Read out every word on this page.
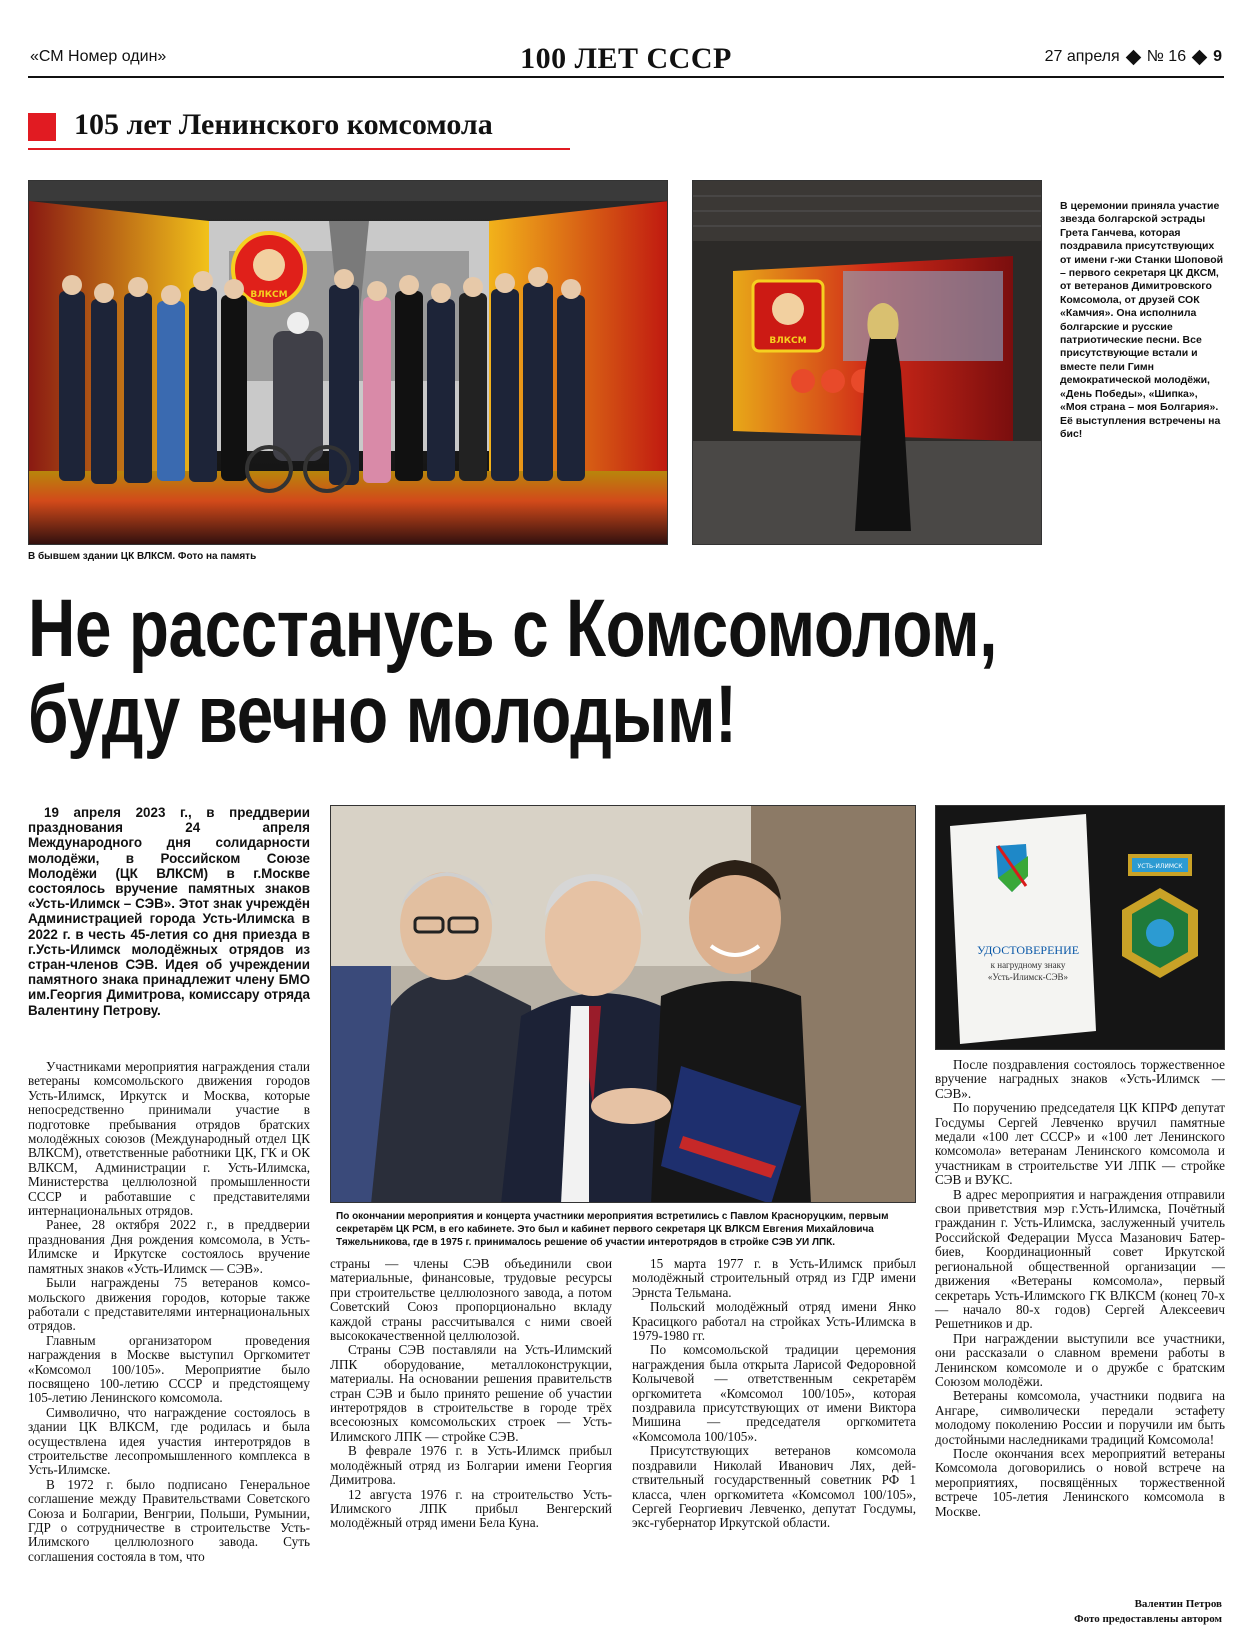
«СМ Номер один»	100 ЛЕТ СССР	27 апреля № 16 9
105 лет Ленинского комсомола
ВЛКСМ
В бывшем здании ЦК ВЛКСМ. Фото на память
ВЛКСМ
В церемонии приняла участие звезда болгарской эстрады Грета Ганчева, которая поздравила присутствующих от имени г-жи Станки Шоповой – первого секретаря ЦК ДКСМ, от ветеранов Димитровского Комсомола, от друзей СОК «Камчия». Она исполнила болгарские и русские патриотические песни. Все присутствующие встали и вместе пели Гимн демократической молодёжи, «День Победы», «Шипка», «Моя страна – моя Болгария». Её выступления встречены на бис!
Не расстанусь с Комсомолом,
буду вечно молодым!

19 апреля 2023 г., в преддверии празднования 24 апреля Международного дня солидарности молодёжи, в Российском Союзе Молодёжи (ЦК ВЛКСМ) в г.Москве состоялось вручение памятных знаков «Усть-Илимск – СЭВ». Этот знак учреждён Администрацией города Усть-Илимска в 2022 г. в честь 45-летия со дня приезда в г.Усть-Илимск молодёжных отрядов из стран-членов СЭВ. Идея об учреждении памятного знака принадлежит члену БМО им.Георгия Димитрова, комиссару отряда Валентину Петрову.

По окончании мероприятия и концерта участники мероприятия встретились с Павлом Красноруцким, первым секретарём ЦК РСМ, в его кабинете. Это был и кабинет первого секретаря ЦК ВЛКСМ Евгения Михайловича Тяжельникова, где в 1975 г. принималось решение об участии интеротрядов в стройке СЭВ УИ ЛПК.
УДОСТОВЕРЕНИЕ
к нагрудному знаку
«Усть-Илимск-СЭВ»
УСТЬ-ИЛИМСК

Участниками мероприятия награждения стали ветераны комсомольского движения городов Усть-Илимск, Иркутск и Москва, которые непосредственно принимали участие в подготовке пребывания отрядов братских молодёжных союзов (Международный отдел ЦК ВЛКСМ), ответственные работники ЦК, ГК и ОК ВЛКСМ, Администрации г. Усть-Илимска, Министерства целлюлозной промышленности СССР и работавшие с представителями интернациональных отрядов.

Ранее, 28 октября 2022 г., в преддверии празднования Дня рождения комсомола, в Усть-Илимске и Иркутске состоялось вручение памятных знаков «Усть-Илимск — СЭВ».

Были награждены 75 ветеранов комсомольского движения городов, которые также работали с представителями интернациональных отрядов.

Главным организатором проведения награждения в Москве выступил Оргкомитет «Комсомол 100/105». Мероприятие было посвящено 100-летию СССР и предстоящему 105-летию Ленинского комсомола.

Символично, что награждение состоялось в здании ЦК ВЛКСМ, где родилась и была осуществлена идея участия интеротрядов в строительстве лесопромышленного комплекса в Усть-Илимске.

В 1972 г. было подписано Генеральное соглашение между Правительствами Советского Союза и Болгарии, Венгрии, Польши, Румынии, ГДР о сотрудничестве в строительстве Усть-Илимского целлюлозного завода. Суть соглашения состояла в том, что

страны — члены СЭВ объединили свои материальные, финансовые, трудовые ресурсы при строительстве целлюлозного завода, а потом Советский Союз пропорционально вкладу каждой страны рассчитывался с ними своей высококачественной целлюлозой.

Страны СЭВ поставляли на Усть-Илимский ЛПК оборудование, металлоконструкции, материалы. На основании решения правительств стран СЭВ и было принято решение об участии интеротрядов в строительстве в городе трёх всесоюзных комсомольских строек — Усть-Илимского ЛПК — стройке СЭВ.

В феврале 1976 г. в Усть-Илимск прибыл молодёжный отряд из Болгарии имени Георгия Димитрова.

12 августа 1976 г. на строительство Усть-Илимского ЛПК прибыл Венгерский молодёжный отряд имени Бела Куна.

15 марта 1977 г. в Усть-Илимск прибыл молодёжный строительный отряд из ГДР имени Эрнста Тельмана.

Польский молодёжный отряд имени Янко Красицкого работал на стройках Усть-Илимска в 1979-1980 гг.

По комсомольской традиции церемония награждения была открыта Ларисой Федоровной Колычевой — ответственным секретарём оргкомитета «Комсомол 100/105», которая поздравила присутствующих от имени Виктора Мишина — председателя оргкомитета «Комсомола 100/105».

Присутствующих ветеранов комсомола поздравили Николай Иванович Лях, действительный государственный советник РФ 1 класса, член оргкомитета «Комсомол 100/105», Сергей Георгиевич Левченко, депутат Госдумы, экс-губернатор Иркутской области.

После поздравления состоялось торжественное вручение наградных знаков «Усть-Илимск — СЭВ».

По поручению председателя ЦК КПРФ депутат Госдумы Сергей Левченко вручил памятные медали «100 лет СССР» и «100 лет Ленинского комсомола» ветеранам Ленинского комсомола и участникам в строительстве УИ ЛПК — стройке СЭВ и ВУКС.

В адрес мероприятия и награждения отправили свои приветствия мэр г.Усть-Илимска, Почётный гражданин г. Усть-Илимска, заслуженный учитель Российской Федерации Мусса Мазанович Батербиев, Координационный совет Иркутской региональной общественной организации — движения «Ветераны комсомола», первый секретарь Усть-Илимского ГК ВЛКСМ (конец 70-х — начало 80-х годов) Сергей Алексеевич Решетников и др.

При награждении выступили все участники, они рассказали о славном времени работы в Ленинском комсомоле и о дружбе с братским Союзом молодёжи.

Ветераны комсомола, участники подвига на Ангаре, символически передали эстафету молодому поколению России и поручили им быть достойными наследниками традиций Комсомола!

После окончания всех мероприятий ветераны Комсомола договорились о новой встрече на мероприятиях, посвящённых торжественной встрече 105-летия Ленинского комсомола в Москве.

Валентин Петров
Фото предоставлены автором
